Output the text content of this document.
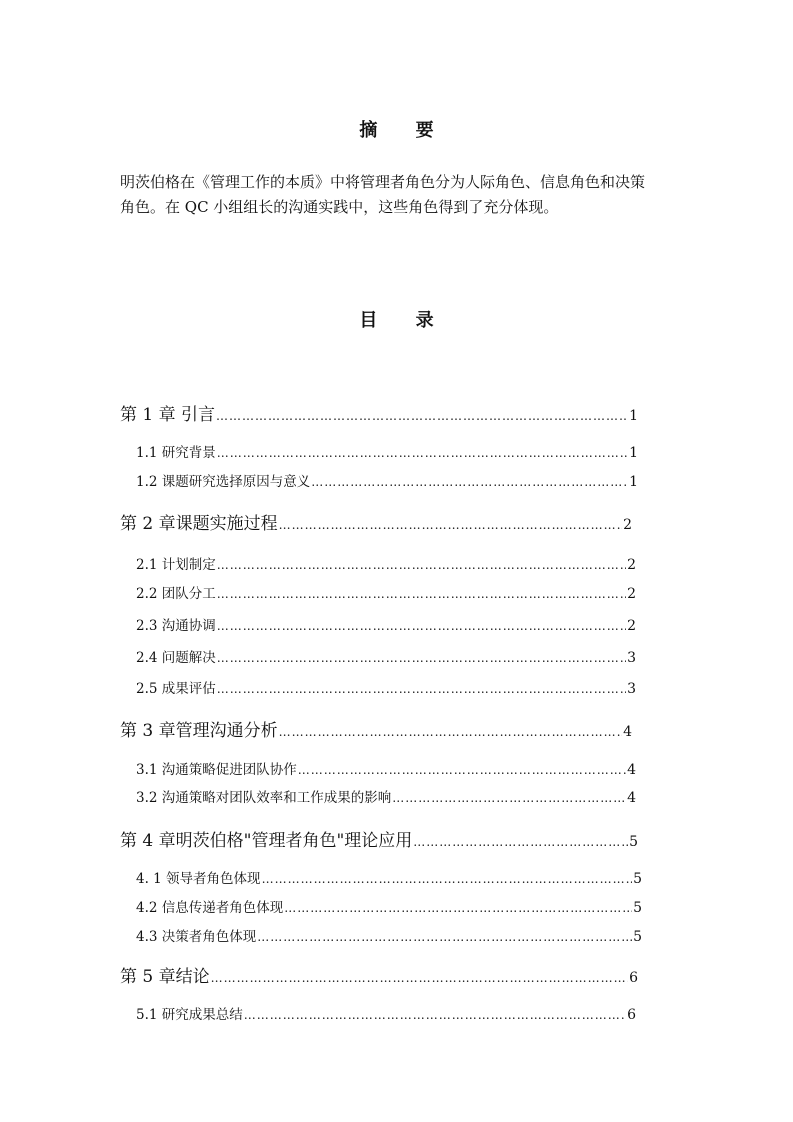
摘 要

明茨伯格在《管理工作的本质》中将管理者角色分为人际角色、信息角色和决策

角色。在 QC 小组组长的沟通实践中，这些角色得到了充分体现。

目 录
第 1 章 引言 ……………………………………………………………………………………………………………………………………………………………………………………	1
1.1 研究背景 ……………………………………………………………………………………………………………………………………………………………………………………	1
1.2 课题研究选择原因与意义 ……………………………………………………………………………………………………………………………………………………………………………………	1
第 2 章课题实施过程 ……………………………………………………………………………………………………………………………………………………………………………………	2
2.1 计划制定 ……………………………………………………………………………………………………………………………………………………………………………………	2
2.2 团队分工 ……………………………………………………………………………………………………………………………………………………………………………………	2
2.3 沟通协调 ……………………………………………………………………………………………………………………………………………………………………………………	2
2.4 问题解决 ……………………………………………………………………………………………………………………………………………………………………………………	3
2.5 成果评估 ……………………………………………………………………………………………………………………………………………………………………………………	3
第 3 章管理沟通分析 ……………………………………………………………………………………………………………………………………………………………………………………	4
3.1 沟通策略促进团队协作 ……………………………………………………………………………………………………………………………………………………………………………………	4
3.2 沟通策略对团队效率和工作成果的影响 ……………………………………………………………………………………………………………………………………………………………………………………	4
第 4 章明茨伯格"管理者角色"理论应用 ……………………………………………………………………………………………………………………………………………………………………………………	5
4. 1 领导者角色体现 ……………………………………………………………………………………………………………………………………………………………………………………	5
4.2 信息传递者角色体现 ……………………………………………………………………………………………………………………………………………………………………………………	5
4.3 决策者角色体现 ……………………………………………………………………………………………………………………………………………………………………………………	5
第 5 章结论 ……………………………………………………………………………………………………………………………………………………………………………………	6
5.1 研究成果总结 ……………………………………………………………………………………………………………………………………………………………………………………	6
